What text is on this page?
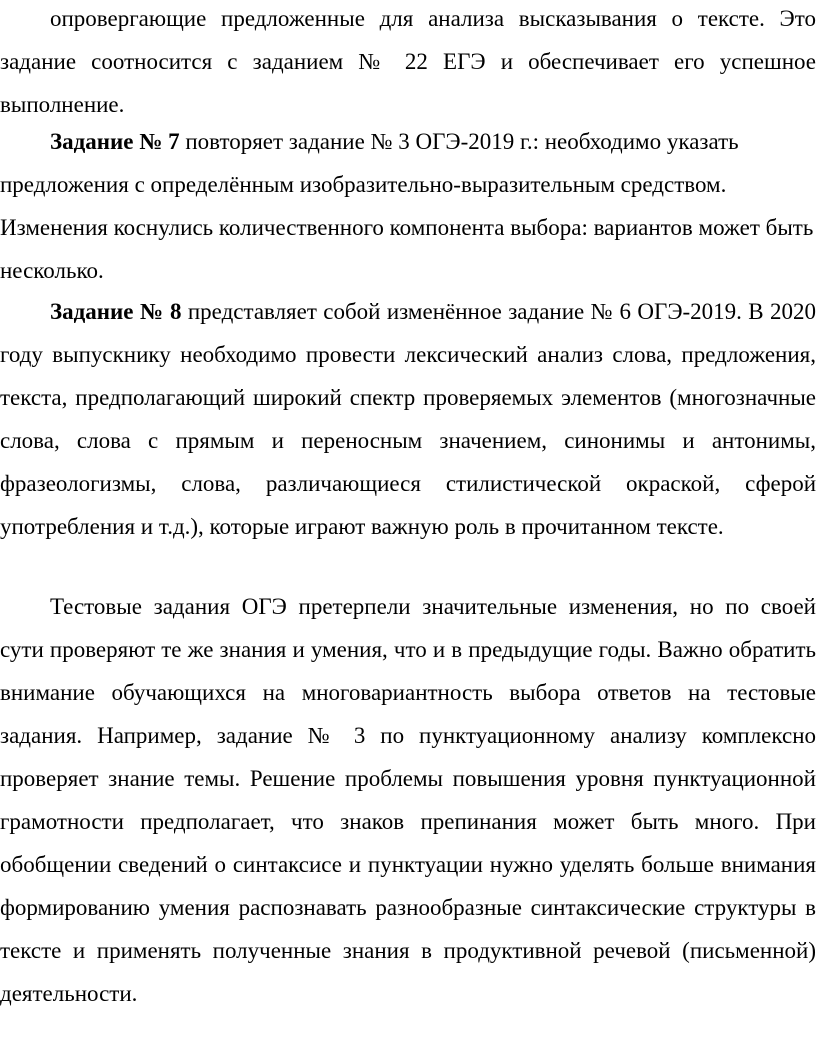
опровергающие предложенные для анализа высказывания о тексте. Это задание соотносится с заданием № 22 ЕГЭ и обеспечивает его успешное выполнение.

Задание № 7 повторяет задание № 3 ОГЭ-2019 г.: необходимо указать предложения с определённым изобразительно-выразительным средством. Изменения коснулись количественного компонента выбора: вариантов может быть несколько.

Задание № 8 представляет собой изменённое задание № 6 ОГЭ-2019. В 2020 году выпускнику необходимо провести лексический анализ слова, предложения, текста, предполагающий широкий спектр проверяемых элементов (многозначные слова, слова с прямым и переносным значением, синонимы и антонимы, фразеологизмы, слова, различающиеся стилистической окраской, сферой употребления и т.д.), которые играют важную роль в прочитанном тексте.

Тестовые задания ОГЭ претерпели значительные изменения, но по своей сути проверяют те же знания и умения, что и в предыдущие годы. Важно обратить внимание обучающихся на многовариантность выбора ответов на тестовые задания. Например, задание № 3 по пунктуационному анализу комплексно проверяет знание темы. Решение проблемы повышения уровня пунктуационной грамотности предполагает, что знаков препинания может быть много. При обобщении сведений о синтаксисе и пунктуации нужно уделять больше внимания формированию умения распознавать разнообразные синтаксические структуры в тексте и применять полученные знания в продуктивной речевой (письменной) деятельности.
